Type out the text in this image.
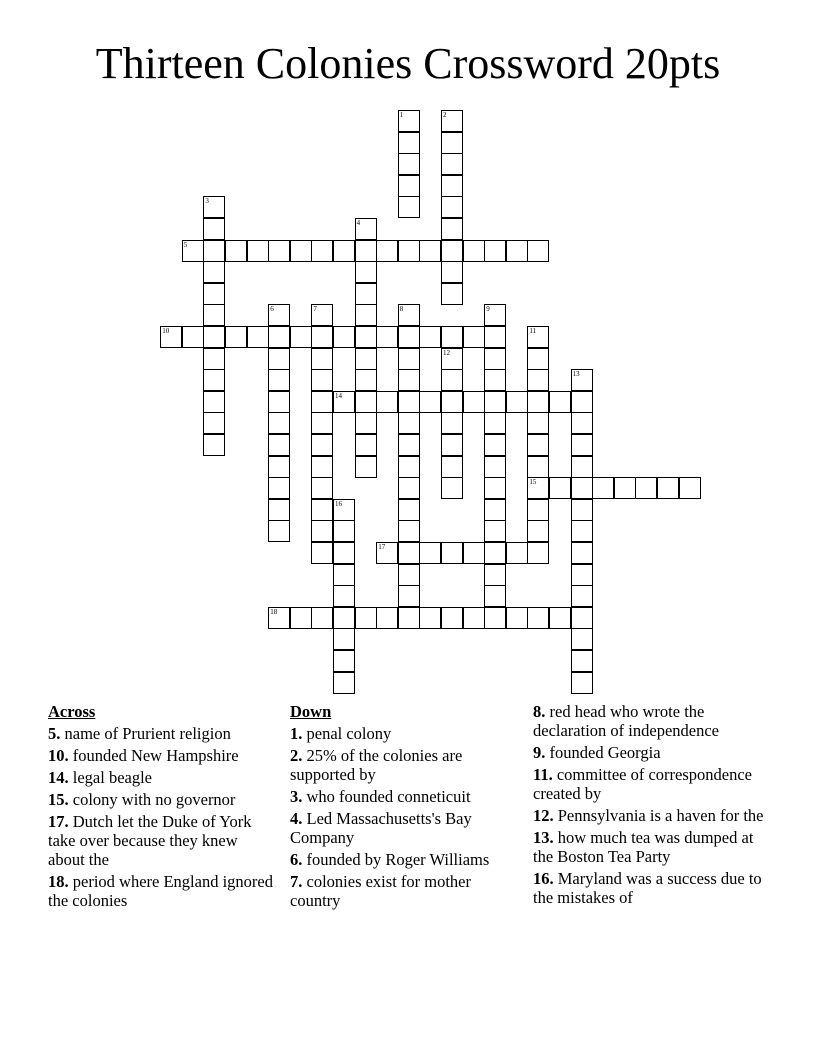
Thirteen Colonies Crossword 20pts
1	2
3
4
5
6	7	8	9
10	11
15
12
13
14
16
17
18
Across
5. name of Prurient religion
10. founded New Hampshire
14. legal beagle
15. colony with no governor
17. Dutch let the Duke of York take over because they knew about the
18. period where England ignored the colonies
Down
1. penal colony
2. 25% of the colonies are supported by
3. who founded conneticuit
4. Led Massachusetts's Bay Company
6. founded by Roger Williams
7. colonies exist for mother country
8. red head who wrote the declaration of independence
9. founded Georgia
11. committee of correspondence created by
12. Pennsylvania is a haven for the
13. how much tea was dumped at the Boston Tea Party
16. Maryland was a success due to the mistakes of
